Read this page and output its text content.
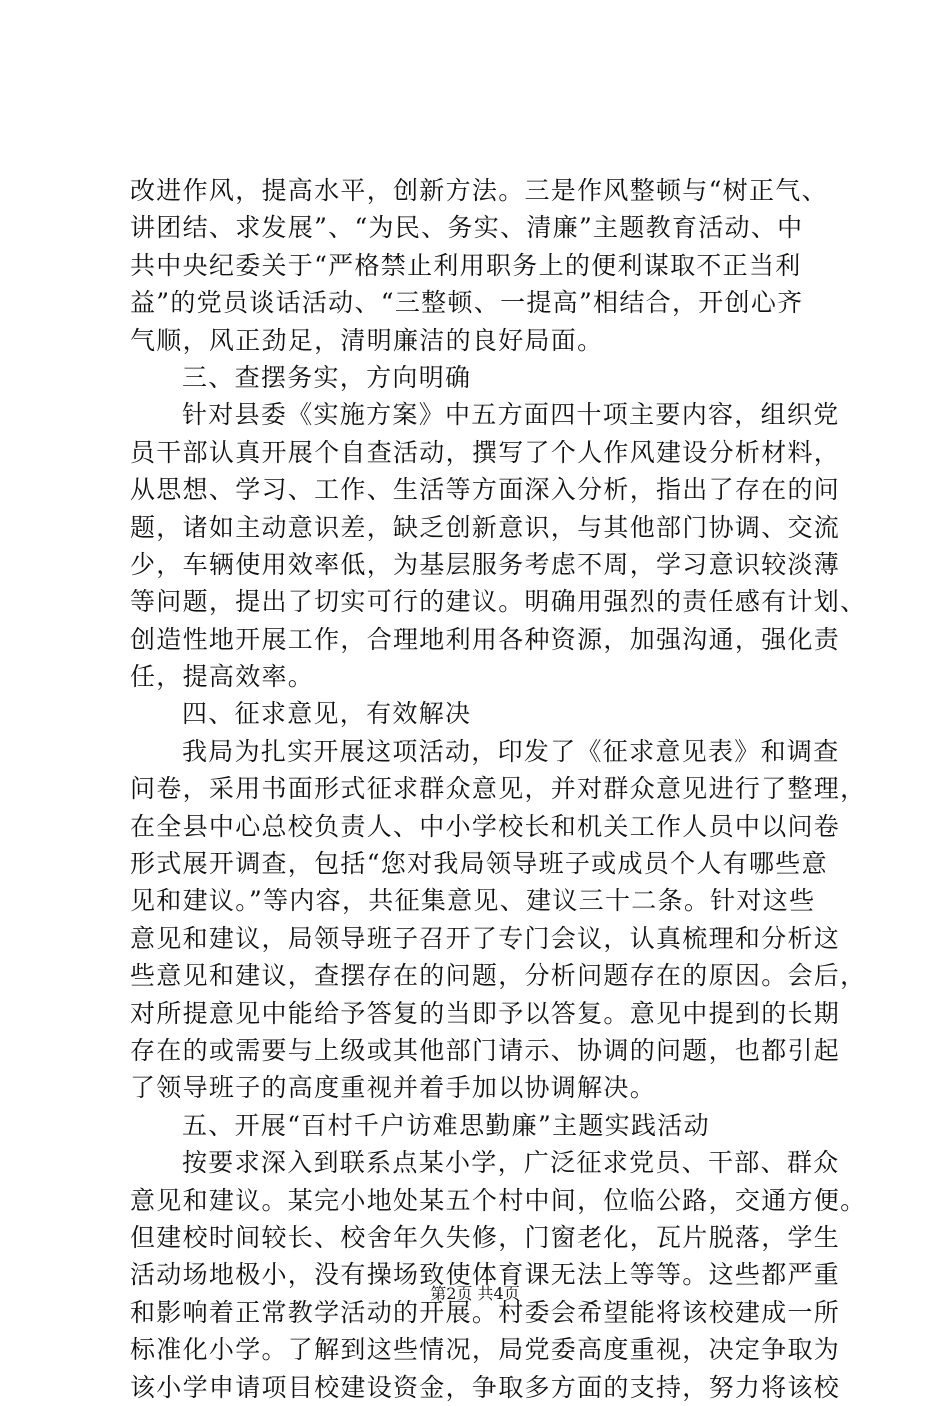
改进作风，提高水平，创新方法。三是作风整顿与“树正气、
讲团结、求发展”、“为民、务实、清廉”主题教育活动、中
共中央纪委关于“严格禁止利用职务上的便利谋取不正当利
益”的党员谈话活动、“三整顿、一提高”相结合，开创心齐
气顺，风正劲足，清明廉洁的良好局面。
三、查摆务实，方向明确
针对县委《实施方案》中五方面四十项主要内容，组织党
员干部认真开展个自查活动，撰写了个人作风建设分析材料，
从思想、学习、工作、生活等方面深入分析，指出了存在的问
题，诸如主动意识差，缺乏创新意识，与其他部门协调、交流
少，车辆使用效率低，为基层服务考虑不周，学习意识较淡薄
等问题，提出了切实可行的建议。明确用强烈的责任感有计划、
创造性地开展工作，合理地利用各种资源，加强沟通，强化责
任，提高效率。
四、征求意见，有效解决
我局为扎实开展这项活动，印发了《征求意见表》和调查
问卷，采用书面形式征求群众意见，并对群众意见进行了整理，
在全县中心总校负责人、中小学校长和机关工作人员中以问卷
形式展开调查，包括“您对我局领导班子或成员个人有哪些意
见和建议。”等内容，共征集意见、建议三十二条。针对这些
意见和建议，局领导班子召开了专门会议，认真梳理和分析这
些意见和建议，查摆存在的问题，分析问题存在的原因。会后，
对所提意见中能给予答复的当即予以答复。意见中提到的长期
存在的或需要与上级或其他部门请示、协调的问题，也都引起
了领导班子的高度重视并着手加以协调解决。
五、开展“百村千户访难思勤廉”主题实践活动
按要求深入到联系点某小学，广泛征求党员、干部、群众
意见和建议。某完小地处某五个村中间，位临公路，交通方便。
但建校时间较长、校舍年久失修，门窗老化，瓦片脱落，学生
活动场地极小，没有操场致使体育课无法上等等。这些都严重
和影响着正常教学活动的开展。村委会希望能将该校建成一所
标准化小学。了解到这些情况，局党委高度重视，决定争取为
该小学申请项目校建设资金，争取多方面的支持，努力将该校
第2页 共4页
